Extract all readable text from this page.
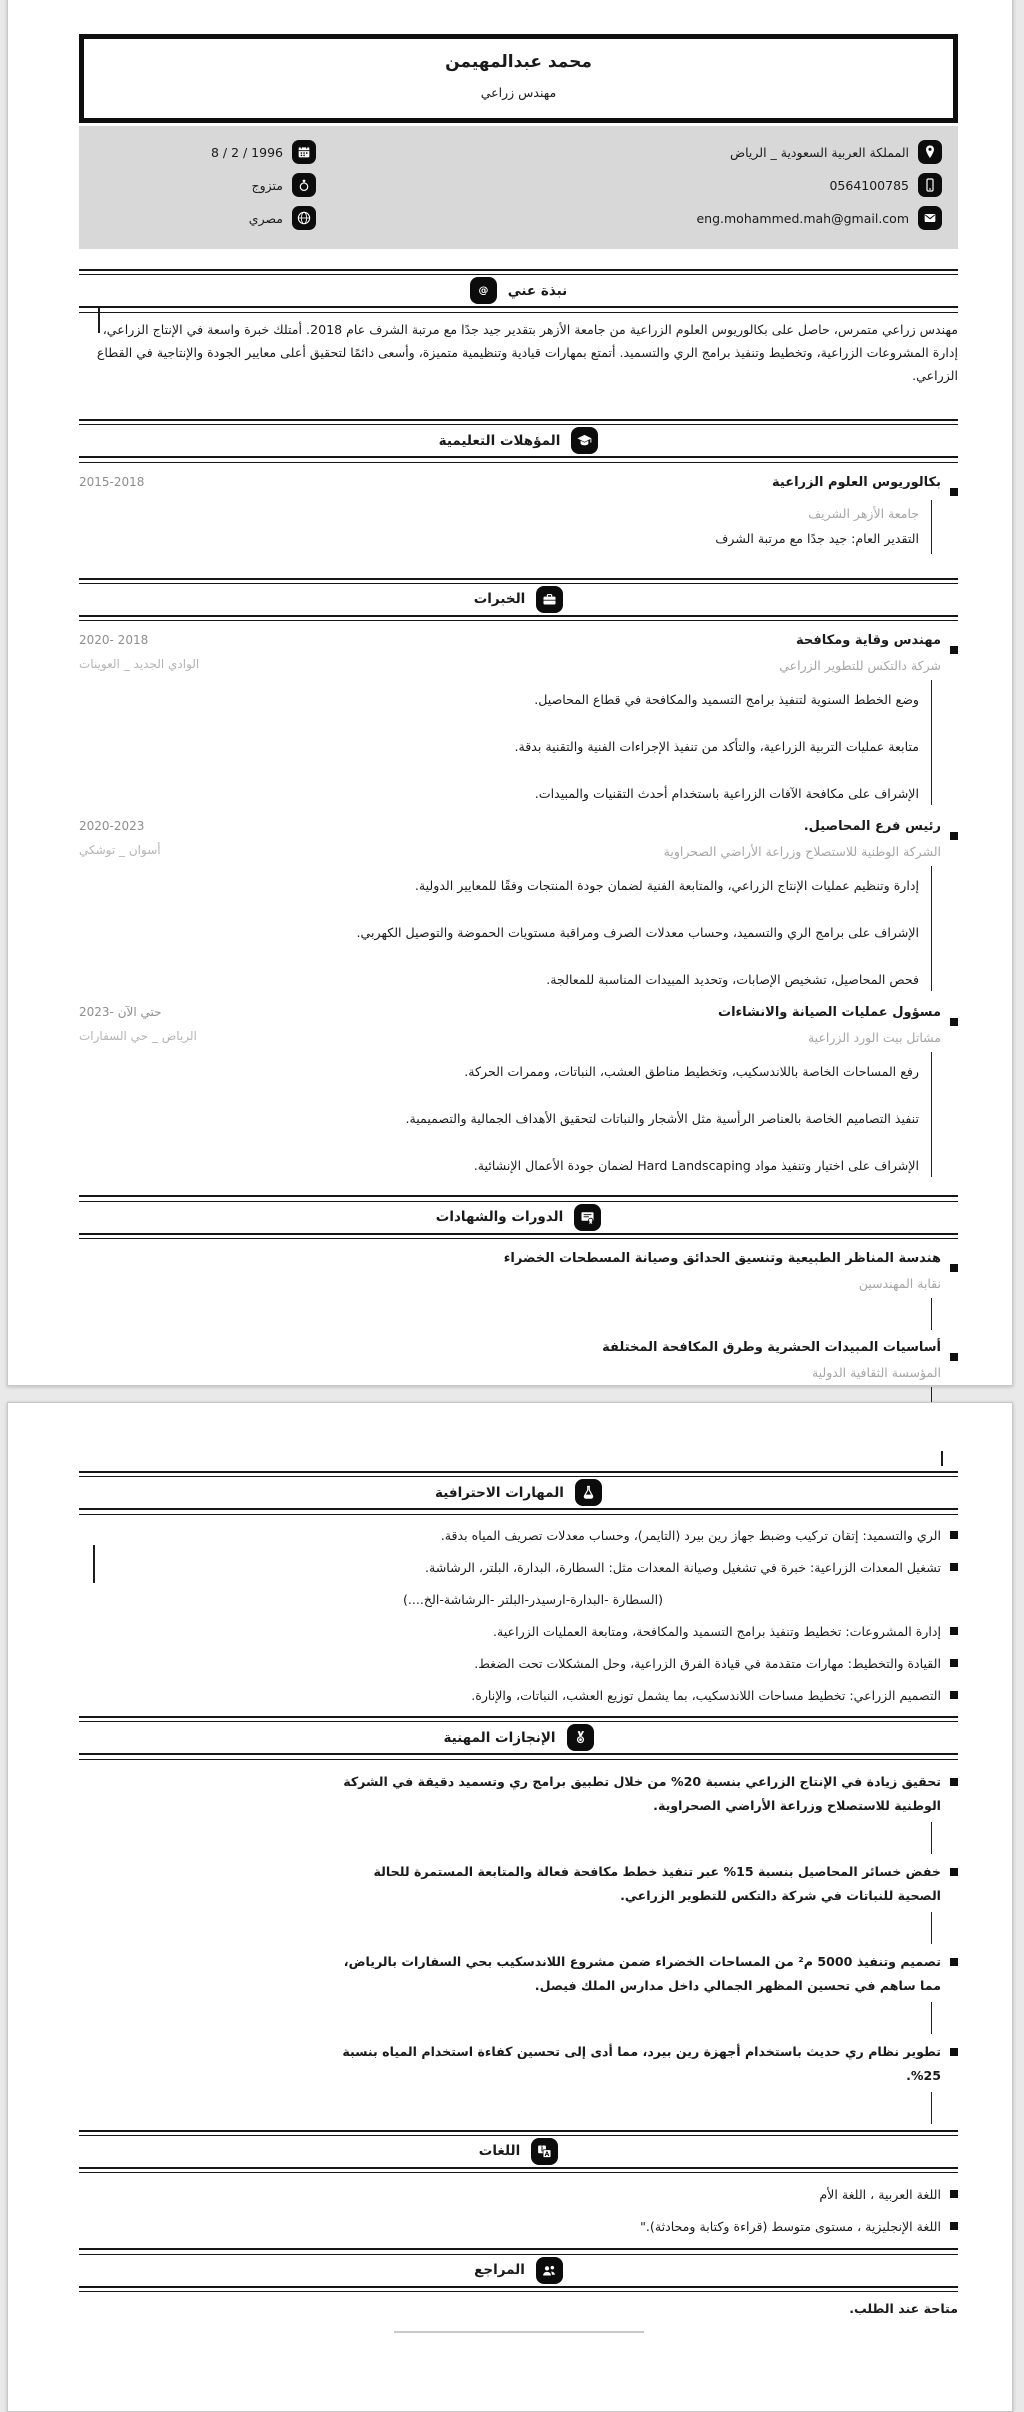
محمد عبدالمهيمن
مهندس زراعي
المملكة العربية السعودية _ الرياض
0564100785
eng.mohammed.mah@gmail.com
8 / 2 / 1996
متزوج
مصري
نبذة عني
@

مهندس زراعي متمرس، حاصل على بكالوريوس العلوم الزراعية من جامعة الأزهر بتقدير جيد جدًا مع مرتبة الشرف عام 2018. أمتلك خبرة واسعة في الإنتاج الزراعي، إدارة المشروعات الزراعية، وتخطيط وتنفيذ برامج الري والتسميد. أتمتع بمهارات قيادية وتنظيمية متميزة، وأسعى دائمًا لتحقيق أعلى معايير الجودة والإنتاجية في القطاع الزراعي.

المؤهلات التعليمية
بكالوريوس العلوم الزراعية
2015-2018
جامعة الأزهر الشريف
التقدير العام: جيد جدًا مع مرتبة الشرف
الخبرات
مهندس وقاية ومكافحة
شركة دالتكس للتطوير الزراعي
2020- 2018
الوادي الجديد _ العوينات

وضع الخطط السنوية لتنفيذ برامج التسميد والمكافحة في قطاع المحاصيل.

متابعة عمليات التربية الزراعية، والتأكد من تنفيذ الإجراءات الفنية والتقنية بدقة.

الإشراف على مكافحة الآفات الزراعية باستخدام أحدث التقنيات والمبيدات.

رئيس فرع المحاصيل.
الشركة الوطنية للاستصلاح وزراعة الأراضي الصحراوية
2020-2023
أسوان _ توشكي

إدارة وتنظيم عمليات الإنتاج الزراعي، والمتابعة الفنية لضمان جودة المنتجات وفقًا للمعايير الدولية.

الإشراف على برامج الري والتسميد، وحساب معدلات الصرف ومراقبة مستويات الحموضة والتوصيل الكهربي.

فحص المحاصيل، تشخيص الإصابات، وتحديد المبيدات المناسبة للمعالجة.

مسؤول عمليات الصيانة والانشاءات
مشاتل بيت الورد الزراعية
2023- حتي الآن
الرياض _ حي السفارات

رفع المساحات الخاصة باللاندسكيب، وتخطيط مناطق العشب، النباتات، وممرات الحركة.

تنفيذ التصاميم الخاصة بالعناصر الرأسية مثل الأشجار والنباتات لتحقيق الأهداف الجمالية والتصميمية.

الإشراف على اختيار وتنفيذ مواد Hard Landscaping لضمان جودة الأعمال الإنشائية.

الدورات والشهادات
هندسة المناظر الطبيعية وتنسيق الحدائق وصيانة المسطحات الخضراء
نقابة المهندسين
أساسيات المبيدات الحشرية وطرق المكافحة المختلفة
المؤسسة الثقافية الدولية
المهارات الاحترافية
الري والتسميد: إتقان تركيب وضبط جهاز رين بيرد (التايمر)، وحساب معدلات تصريف المياه بدقة.
تشغيل المعدات الزراعية: خبرة في تشغيل وصيانة المعدات مثل: السطارة، البدارة، البلتر، الرشاشة.
(السطارة -البدارة-ارسيدر-البلتر -الرشاشة-الخ....)
إدارة المشروعات: تخطيط وتنفيذ برامج التسميد والمكافحة، ومتابعة العمليات الزراعية.
القيادة والتخطيط: مهارات متقدمة في قيادة الفرق الزراعية، وحل المشكلات تحت الضغط.
التصميم الزراعي: تخطيط مساحات اللاندسكيب، بما يشمل توزيع العشب، النباتات، والإنارة.
الإنجازات المهنية
تحقيق زيادة في الإنتاج الزراعي بنسبة 20% من خلال تطبيق برامج ري وتسميد دقيقة في الشركة الوطنية للاستصلاح وزراعة الأراضي الصحراوية.
خفض خسائر المحاصيل بنسبة 15% عبر تنفيذ خطط مكافحة فعالة والمتابعة المستمرة للحالة الصحية للنباتات في شركة دالتكس للتطوير الزراعي.
تصميم وتنفيذ 5000 م² من المساحات الخضراء ضمن مشروع اللاندسكيب بحي السفارات بالرياض، مما ساهم في تحسين المظهر الجمالي داخل مدارس الملك فيصل.
تطوير نظام ري حديث باستخدام أجهزة رين بيرد، مما أدى إلى تحسين كفاءة استخدام المياه بنسبة 25%.
اللغات أ
A
اللغة العربية ، اللغة الأم
اللغة الإنجليزية ، مستوى متوسط (قراءة وكتابة ومحادثة)."
المراجع
متاحة عند الطلب.
